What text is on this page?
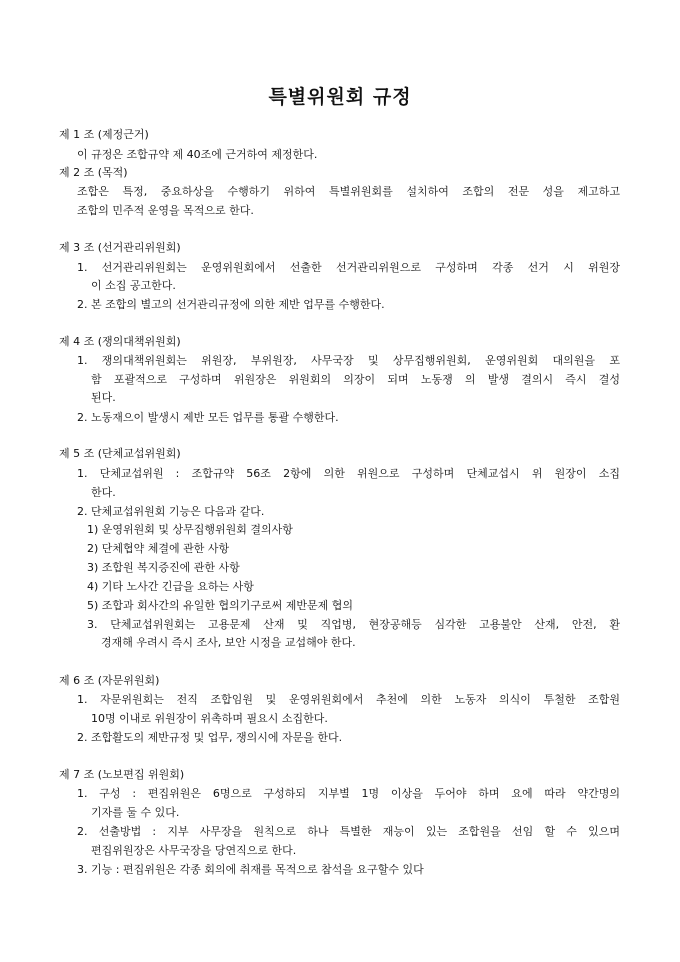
특별위원회 규정
제 1 조 (제정근거)
이 규정은 조합규약 제 40조에 근거하여 제정한다.
제 2 조 (목적)
조합은 특정, 중요하상을 수행하기 위하여 특별위원회를 설치하여 조합의 전문 성을 제고하고
조합의 민주적 운영을 목적으로 한다.
제 3 조 (선거관리위원회)
1. 선거관리위원회는 운영위원회에서 선출한 선거관리위원으로 구성하며 각종 선거 시 위원장
이 소집 공고한다.
2. 본 조합의 별고의 선거관리규정에 의한 제반 업무를 수행한다.
제 4 조 (쟁의대책위원회)
1. 쟁의대책위원회는 위원장, 부위원장, 사무국장 및 상무집행위원회, 운영위원회 대의원을 포
함 포괄적으로 구성하며 위원장은 위원회의 의장이 되며 노동쟁 의 발생 결의시 즉시 결성
된다.
2. 노동재으이 발생시 제반 모든 업무를 통괄 수행한다.
제 5 조 (단체교섭위원회)
1. 단체교섭위원 : 조합규약 56조 2항에 의한 위원으로 구성하며 단체교섭시 위 원장이 소집
한다.
2. 단체교섭위원회 기능은 다음과 같다.
1) 운영위원회 및 상무집행위원회 결의사항
2) 단체협약 체결에 관한 사항
3) 조합원 복지증진에 관한 사항
4) 기타 노사간 긴급을 요하는 사항
5) 조합과 회사간의 유일한 협의기구로써 제반문제 협의
3. 단체교섭위원회는 고용문제 산재 및 직업병, 현장공해등 심각한 고용불안 산재, 안전, 환
경재해 우려시 즉시 조사, 보안 시정을 교섭해야 한다.
제 6 조 (자문위원회)
1. 자문위원회는 전직 조합임원 및 운영위원회에서 추천에 의한 노동자 의식이 투철한 조합원
10명 이내로 위원장이 위촉하며 필요시 소집한다.
2. 조합활도의 제반규정 및 업무, 쟁의시에 자문을 한다.
제 7 조 (노보편집 위원회)
1. 구성 : 편집위원은 6명으로 구성하되 지부별 1명 이상을 두어야 하며 요에 따라 약간명의
기자를 둘 수 있다.
2. 선출방법 : 지부 사무장을 원칙으로 하나 특별한 재능이 있는 조합원을 선임 할 수 있으며
편집위원장은 사무국장을 당연직으로 한다.
3. 기능 : 편집위원은 각종 회의에 취재를 목적으로 참석을 요구할수 있다
